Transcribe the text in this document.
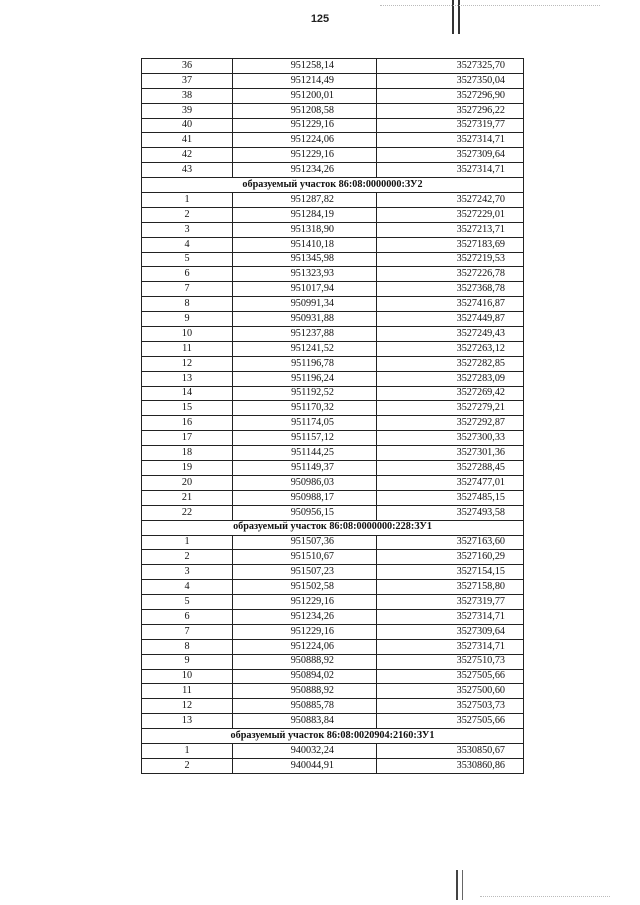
125
36	951258,14	3527325,70
37	951214,49	3527350,04
38	951200,01	3527296,90
39	951208,58	3527296,22
40	951229,16	3527319,77
41	951224,06	3527314,71
42	951229,16	3527309,64
43	951234,26	3527314,71
образуемый участок 86:08:0000000:ЗУ2		
1	951287,82	3527242,70
2	951284,19	3527229,01
3	951318,90	3527213,71
4	951410,18	3527183,69
5	951345,98	3527219,53
6	951323,93	3527226,78
7	951017,94	3527368,78
8	950991,34	3527416,87
9	950931,88	3527449,87
10	951237,88	3527249,43
11	951241,52	3527263,12
12	951196,78	3527282,85
13	951196,24	3527283,09
14	951192,52	3527269,42
15	951170,32	3527279,21
16	951174,05	3527292,87
17	951157,12	3527300,33
18	951144,25	3527301,36
19	951149,37	3527288,45
20	950986,03	3527477,01
21	950988,17	3527485,15
22	950956,15	3527493,58
образуемый участок 86:08:0000000:228:ЗУ1		
1	951507,36	3527163,60
2	951510,67	3527160,29
3	951507,23	3527154,15
4	951502,58	3527158,80
5	951229,16	3527319,77
6	951234,26	3527314,71
7	951229,16	3527309,64
8	951224,06	3527314,71
9	950888,92	3527510,73
10	950894,02	3527505,66
11	950888,92	3527500,60
12	950885,78	3527503,73
13	950883,84	3527505,66
образуемый участок 86:08:0020904:2160:ЗУ1		
1	940032,24	3530850,67
2	940044,91	3530860,86
